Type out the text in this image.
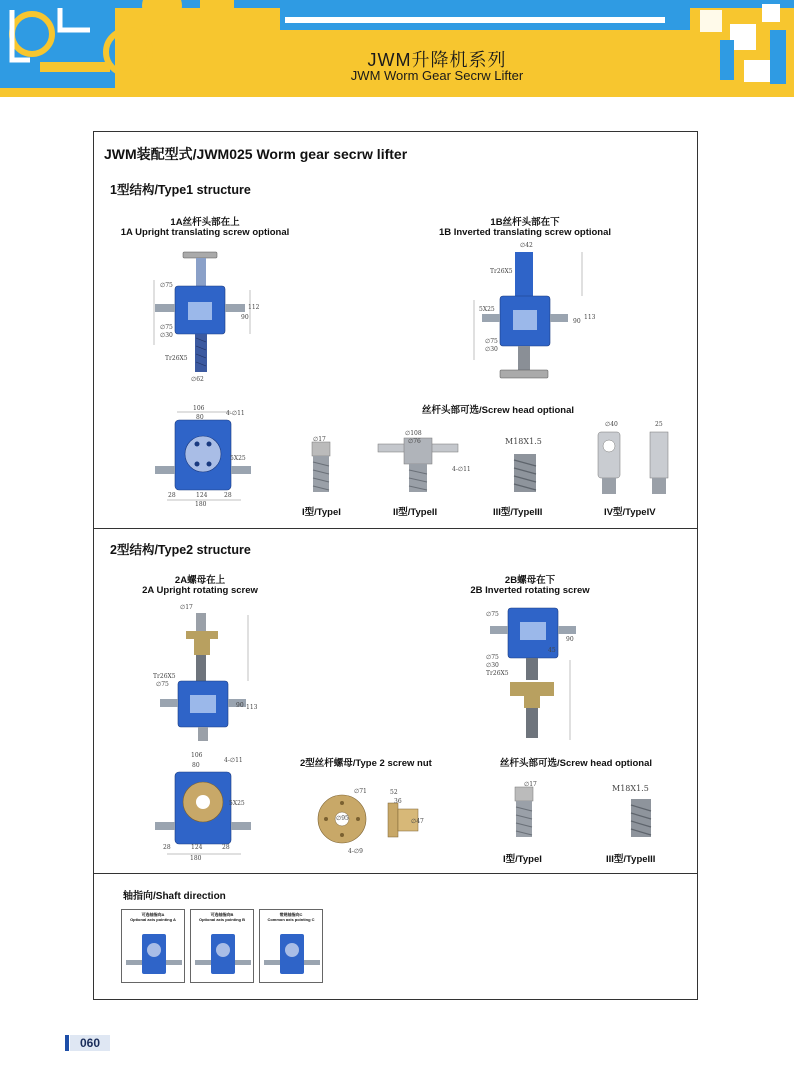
JWM升降机系列
JWM Worm Gear Secrw Lifter
JWM装配型式/JWM025 Worm gear secrw lifter
1型结构/Type1 structure
1A丝杆头部在上
1A Upright translating screw optional
1B丝杆头部在下
1B Inverted translating screw optional
∅75
∅75
∅30
Tr26X5
∅62
90
112
106
80
4-∅11
5X25
28	124	28
180
∅42
Tr26X5
5X25
∅75
∅30
90
113
丝杆头部可选/Screw head optional
∅17
∅108
∅76
4-∅11
M18X1.5
∅40	25
I型/TypeI	II型/TypeII	III型/TypeIII	IV型/TypeIV
2型结构/Type2 structure
2A螺母在上
2A Upright rotating screw
2B螺母在下
2B Inverted rotating screw
∅17
Tr26X5
∅75
90 113
106
80
4-∅11
5X25
28	124	28
180
∅75
∅75
∅30
Tr26X5
90
45
2型丝杆螺母/Type 2 screw nut
52
36
∅71
∅95
4-∅9
∅47
丝杆头部可选/Screw head optional
∅17	M18X1.5
I型/TypeI	III型/TypeIII
轴指向/Shaft direction
可选轴指向A
Optional axis pointing A
可选轴指向B
Optional axis pointing B
常规轴指向C
Common axis pointing C
060
